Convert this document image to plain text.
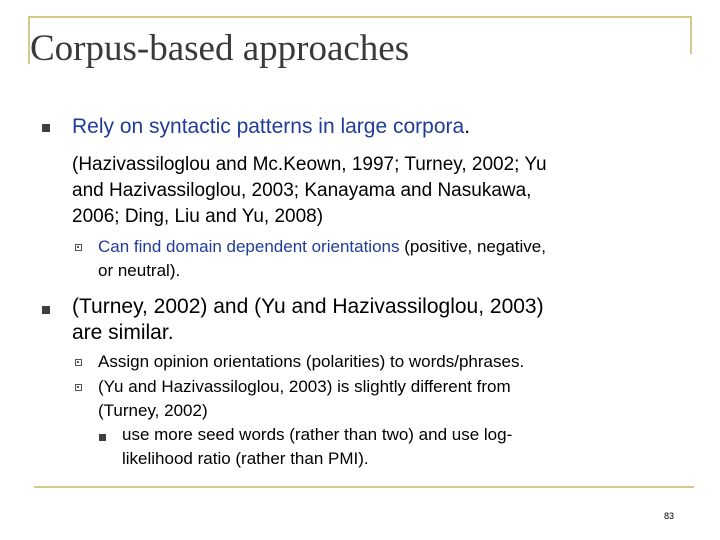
Corpus-based approaches
Rely on syntactic patterns in large corpora.
(Hazivassiloglou and Mc.Keown, 1997; Turney, 2002; Yu
and Hazivassiloglou, 2003; Kanayama and Nasukawa,
2006; Ding, Liu and Yu, 2008)
Can find domain dependent orientations (positive, negative,
or neutral).
(Turney, 2002) and (Yu and Hazivassiloglou, 2003)
are similar.
Assign opinion orientations (polarities) to words/phrases.
(Yu and Hazivassiloglou, 2003) is slightly different from
(Turney, 2002)
use more seed words (rather than two) and use log-
likelihood ratio (rather than PMI).
83
